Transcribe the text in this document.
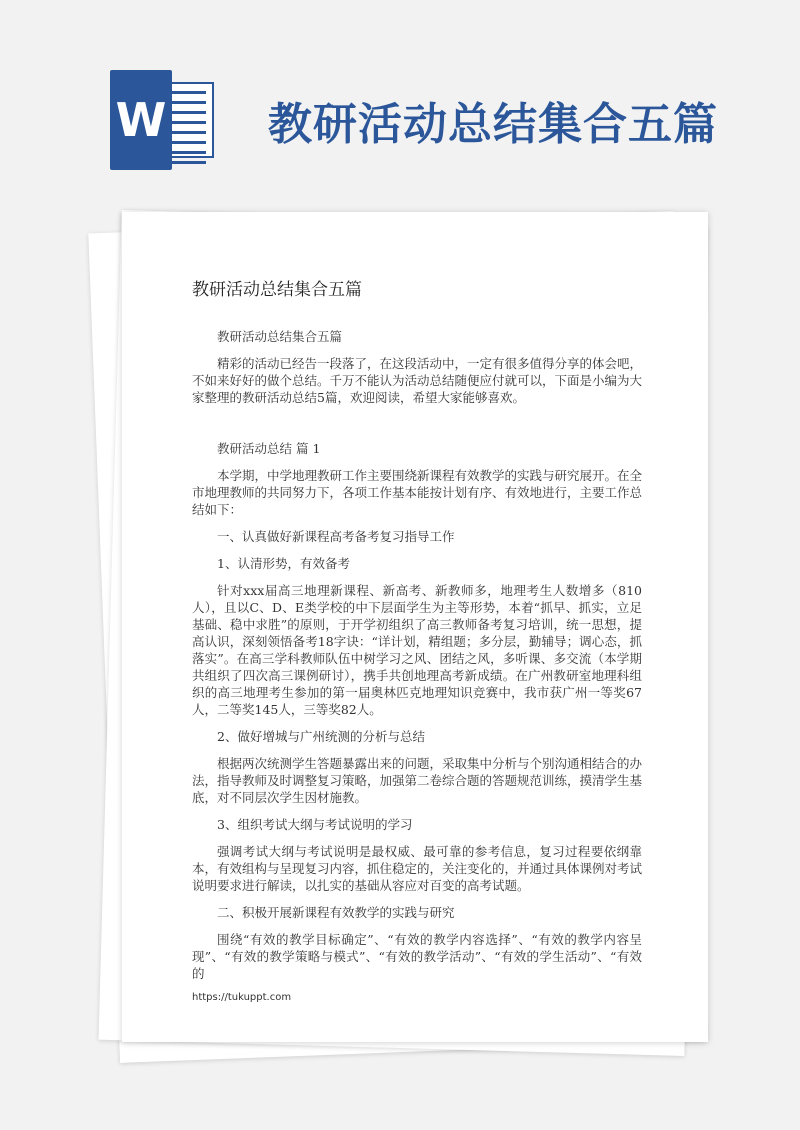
W 教研活动总结集合五篇
教研活动总结集合五篇

教研活动总结集合五篇

精彩的活动已经告一段落了，在这段活动中，一定有很多值得分享的体会吧，不如来好好的做个总结。千万不能认为活动总结随便应付就可以，下面是小编为大家整理的教研活动总结5篇，欢迎阅读，希望大家能够喜欢。

教研活动总结 篇 1

本学期，中学地理教研工作主要围绕新课程有效教学的实践与研究展开。在全市地理教师的共同努力下，各项工作基本能按计划有序、有效地进行，主要工作总结如下：

一、认真做好新课程高考备考复习指导工作

1、认清形势，有效备考

针对xxx届高三地理新课程、新高考、新教师多，地理考生人数增多（810人），且以C、D、E类学校的中下层面学生为主等形势，本着“抓早、抓实，立足基础、稳中求胜”的原则，于开学初组织了高三教师备考复习培训，统一思想，提高认识，深刻领悟备考18字诀：“详计划，精组题；多分层，勤辅导；调心态，抓落实”。在高三学科教师队伍中树学习之风、团结之风，多听课、多交流（本学期共组织了四次高三课例研讨），携手共创地理高考新成绩。在广州教研室地理科组织的高三地理考生参加的第一届奥林匹克地理知识竞赛中，我市获广州一等奖67人，二等奖145人，三等奖82人。

2、做好增城与广州统测的分析与总结

根据两次统测学生答题暴露出来的问题，采取集中分析与个别沟通相结合的办法，指导教师及时调整复习策略，加强第二卷综合题的答题规范训练，摸清学生基底，对不同层次学生因材施教。

3、组织考试大纲与考试说明的学习

强调考试大纲与考试说明是最权威、最可靠的参考信息，复习过程要依纲靠本，有效组构与呈现复习内容，抓住稳定的，关注变化的，并通过具体课例对考试说明要求进行解读，以扎实的基础从容应对百变的高考试题。

二、积极开展新课程有效教学的实践与研究

围绕“有效的教学目标确定”、“有效的教学内容选择”、“有效的教学内容呈现”、“有效的教学策略与模式”、“有效的教学活动”、“有效的学生活动”、“有效的

https://tukuppt.com
